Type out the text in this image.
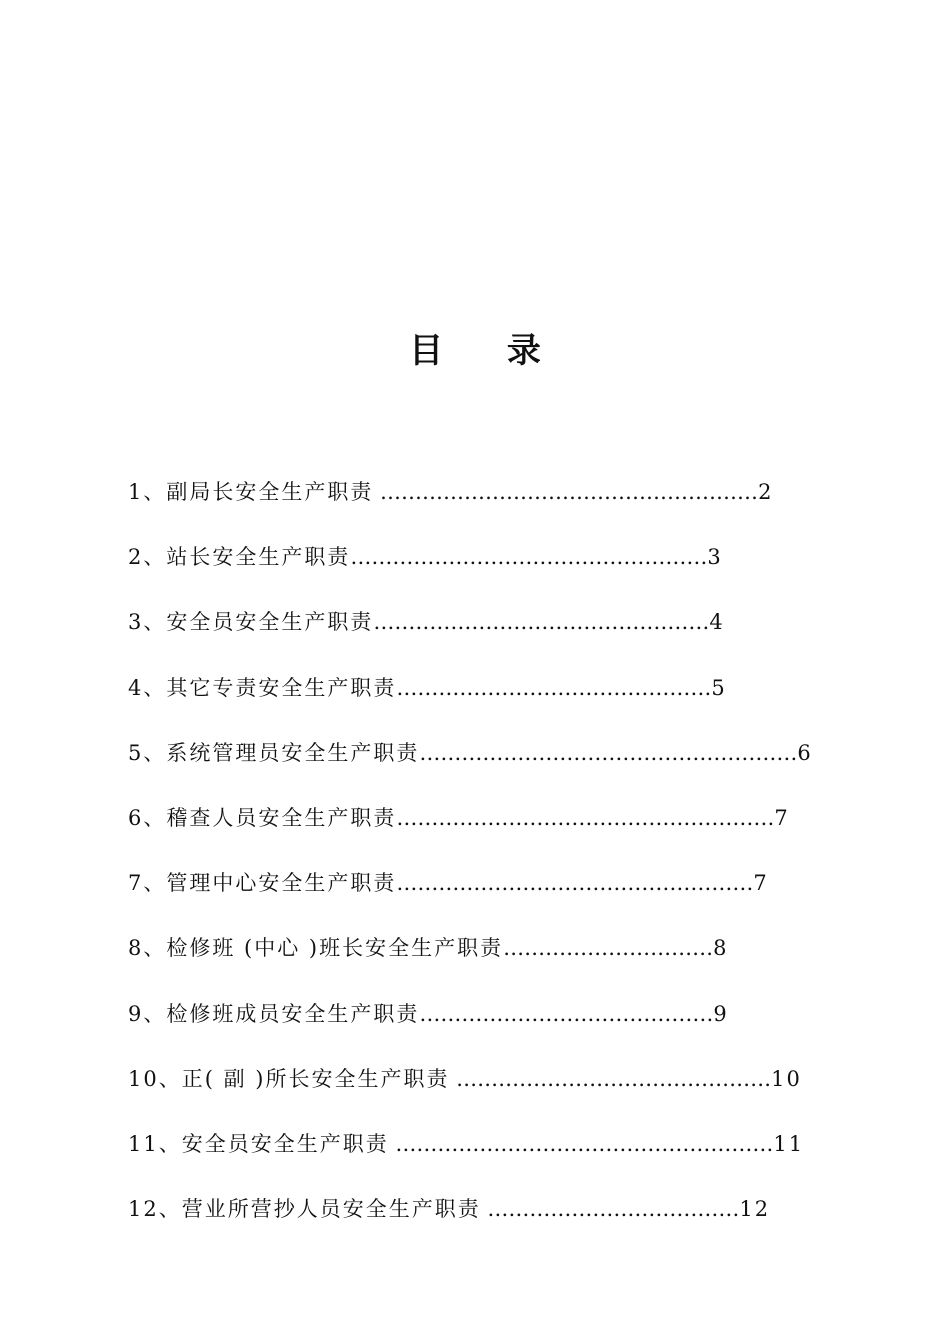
目 录
1、副局长安全生产职责 ………………………………………………2
2、站长安全生产职责……………………………………………3
3、安全员安全生产职责…………………………………………4
4、其它专责安全生产职责………………………………………5
5、系统管理员安全生产职责………………………………………………6
6、稽查人员安全生产职责………………………………………………7
7、管理中心安全生产职责……………………………………………7
8、检修班 (中心 )班长安全生产职责…………………………8
9、检修班成员安全生产职责……………………………………9
10、正( 副 )所长安全生产职责 ………………………………………10
11、安全员安全生产职责 ………………………………………………11
12、营业所营抄人员安全生产职责 ………………………………12
